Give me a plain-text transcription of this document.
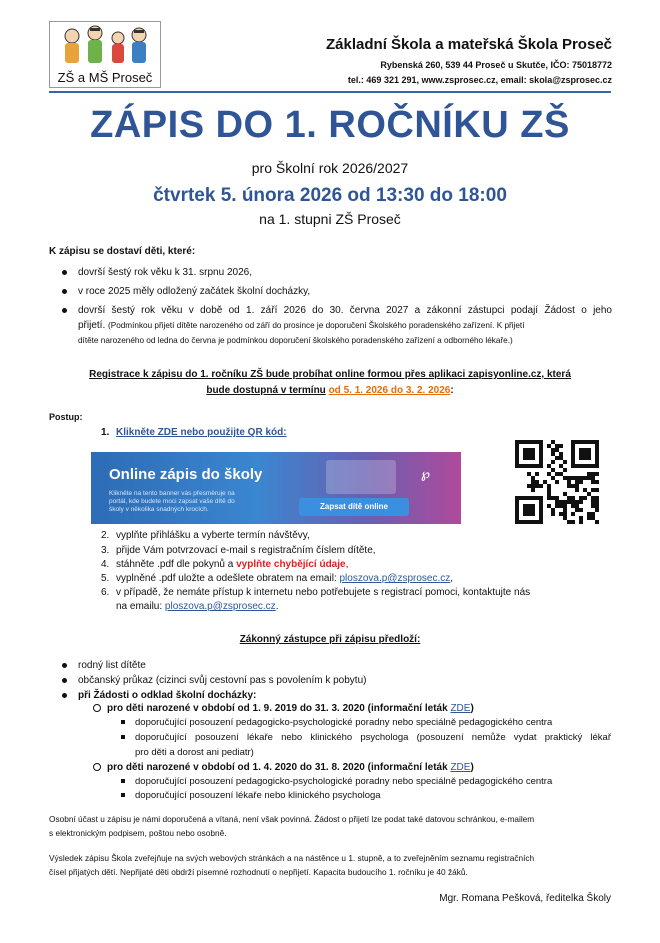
ZŠ a MŠ Proseč
Základní Škola a mateřská Škola Proseč
Rybenská 260, 539 44 Proseč u Skutče, IČO: 75018772
tel.: 469 321 291, www.zsprosec.cz, email: skola@zsprosec.cz
ZÁPIS DO 1. ROČNÍKU ZŠ
pro Školní rok 2026/2027
čtvrtek 5. února 2026 od 13:30 do 18:00
na 1. stupni ZŠ Proseč
K zápisu se dostaví děti, které:
dovrší šestý rok věku k 31. srpnu 2026,
v roce 2025 měly odložený začátek školní docházky,
dovrší šestý rok věku v době od 1. září 2026 do 30. června 2027 a zákonní zástupci podají Žádost o jeho
přijetí. (Podmínkou přijetí dítěte narozeného od září do prosince je doporučení Školského poradenského zařízení. K přijetí
dítěte narozeného od ledna do června je podmínkou doporučení školského poradenského zařízení a odborného lékaře.)
Registrace k zápisu do 1. ročníku ZŠ bude probíhat online formou přes aplikaci zapisyonline.cz, která
bude dostupná v termínu od 5. 1. 2026 do 3. 2. 2026:
Postup:
1. Klikněte ZDE nebo použijte QR kód:
Online zápis do školy
Klikněte na tento banner vás přesměruje na portál, kde budete moci zapsat vaše dítě do školy v několika snadných krocích.	Zapsat dítě online
℘
2. vyplňte přihlášku a vyberte termín návštěvy,
3. přijde Vám potvrzovací e-mail s registračním číslem dítěte,
4. stáhněte .pdf dle pokynů a vyplňte chybějící údaje,
5. vyplněné .pdf uložte a odešlete obratem na email: ploszova.p@zsprosec.cz,
6. v případě, že nemáte přístup k internetu nebo potřebujete s registrací pomoci, kontaktujte nás
na emailu: ploszova.p@zsprosec.cz.
Zákonný zástupce při zápisu předloží:
rodný list dítěte
občanský průkaz (cizinci svůj cestovní pas s povolením k pobytu)
při Žádosti o odklad školní docházky:
pro děti narozené v období od 1. 9. 2019 do 31. 3. 2020 (informační leták ZDE)
doporučující posouzení pedagogicko-psychologické poradny nebo speciálně pedagogického centra
doporučující posouzení lékaře nebo klinického psychologa (posouzení nemůže vydat praktický lékař
pro děti a dorost ani pediatr)
pro děti narozené v období od 1. 4. 2020 do 31. 8. 2020 (informační leták ZDE)
doporučující posouzení pedagogicko-psychologické poradny nebo speciálně pedagogického centra
doporučující posouzení lékaře nebo klinického psychologa
Osobní účast u zápisu je námi doporučená a vítaná, není však povinná. Žádost o přijetí lze podat také datovou schránkou, e-mailem
s elektronickým podpisem, poštou nebo osobně.
Výsledek zápisu Škola zveřejňuje na svých webových stránkách a na nástěnce u 1. stupně, a to zveřejněním seznamu registračních
čísel přijatých dětí. Nepřijaté děti obdrží písemné rozhodnutí o nepřijetí. Kapacita budoucího 1. ročníku je 40 žáků.
Mgr. Romana Pešková, ředitelka Školy
